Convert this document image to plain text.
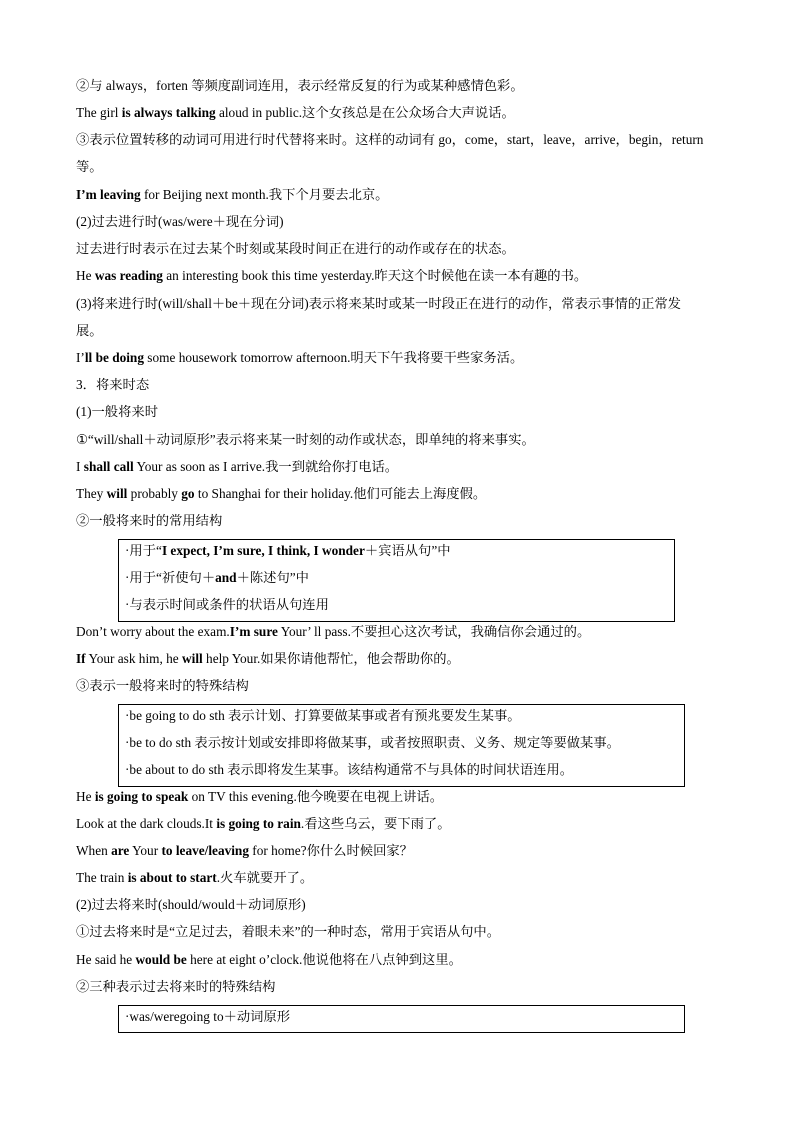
②与 always，forten 等频度副词连用，表示经常反复的行为或某种感情色彩。
The girl is always talking aloud in public.这个女孩总是在公众场合大声说话。
③表示位置转移的动词可用进行时代替将来时。这样的动词有 go，come，start，leave，arrive，begin，return
等。
I’m leaving for Beijing next month.我下个月要去北京。
(2)过去进行时(was/were＋现在分词)
过去进行时表示在过去某个时刻或某段时间正在进行的动作或存在的状态。
He was reading an interesting book this time yesterday.昨天这个时候他在读一本有趣的书。
(3)将来进行时(will/shall＋be＋现在分词)表示将来某时或某一时段正在进行的动作，常表示事情的正常发
展。
I’ll be doing some housework tomorrow afternoon.明天下午我将要干些家务活。
3．将来时态
(1)一般将来时
①“will/shall＋动词原形”表示将来某一时刻的动作或状态，即单纯的将来事实。
I shall call Your as soon as I arrive.我一到就给你打电话。
They will probably go to Shanghai for their holiday.他们可能去上海度假。
②一般将来时的常用结构
·用于“I expect, I’m sure, I think, I wonder＋宾语从句”中
·用于“祈使句＋and＋陈述句”中
·与表示时间或条件的状语从句连用
Don’t worry about the exam.I’m sure Your’ ll pass.不要担心这次考试，我确信你会通过的。
If Your ask him, he will help Your.如果你请他帮忙，他会帮助你的。
③表示一般将来时的特殊结构
·be going to do sth 表示计划、打算要做某事或者有预兆要发生某事。
·be to do sth 表示按计划或安排即将做某事，或者按照职责、义务、规定等要做某事。
·be about to do sth 表示即将发生某事。该结构通常不与具体的时间状语连用。
He is going to speak on TV this evening.他今晚要在电视上讲话。
Look at the dark clouds.It is going to rain.看这些乌云，要下雨了。
When are Your to leave/leaving for home?你什么时候回家？
The train is about to start.火车就要开了。
(2)过去将来时(should/would＋动词原形)
①过去将来时是“立足过去，着眼未来”的一种时态，常用于宾语从句中。
He said he would be here at eight o’clock.他说他将在八点钟到这里。
②三种表示过去将来时的特殊结构
·was/weregoing to＋动词原形
